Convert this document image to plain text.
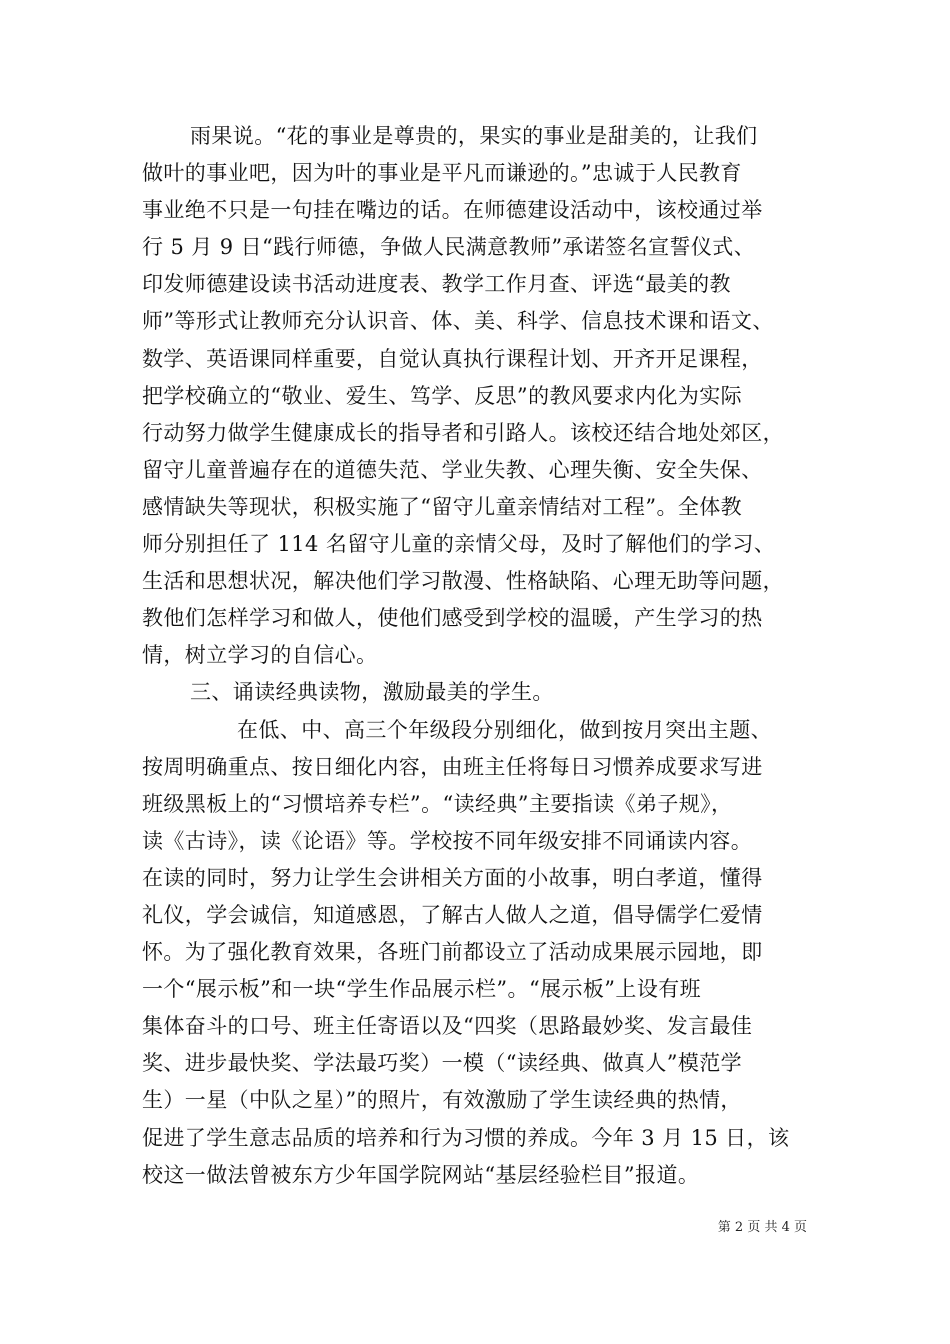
雨果说。“花的事业是尊贵的，果实的事业是甜美的，让我们
做叶的事业吧，因为叶的事业是平凡而谦逊的。”忠诚于人民教育
事业绝不只是一句挂在嘴边的话。在师德建设活动中，该校通过举
行 5 月 9 日“践行师德，争做人民满意教师”承诺签名宣誓仪式、
印发师德建设读书活动进度表、教学工作月查、评选“最美的教
师”等形式让教师充分认识音、体、美、科学、信息技术课和语文、
数学、英语课同样重要，自觉认真执行课程计划、开齐开足课程，
把学校确立的“敬业、爱生、笃学、反思”的教风要求内化为实际
行动努力做学生健康成长的指导者和引路人。该校还结合地处郊区，
留守儿童普遍存在的道德失范、学业失教、心理失衡、安全失保、
感情缺失等现状，积极实施了“留守儿童亲情结对工程”。全体教
师分别担任了 114 名留守儿童的亲情父母，及时了解他们的学习、
生活和思想状况，解决他们学习散漫、性格缺陷、心理无助等问题，
教他们怎样学习和做人，使他们感受到学校的温暖，产生学习的热
情，树立学习的自信心。
三、诵读经典读物，激励最美的学生。
在低、中、高三个年级段分别细化，做到按月突出主题、
按周明确重点、按日细化内容，由班主任将每日习惯养成要求写进
班级黑板上的“习惯培养专栏”。“读经典”主要指读《弟子规》，
读《古诗》，读《论语》等。学校按不同年级安排不同诵读内容。
在读的同时，努力让学生会讲相关方面的小故事，明白孝道，懂得
礼仪，学会诚信，知道感恩，了解古人做人之道，倡导儒学仁爱情
怀。为了强化教育效果，各班门前都设立了活动成果展示园地，即
一个“展示板”和一块“学生作品展示栏”。“展示板”上设有班
集体奋斗的口号、班主任寄语以及“四奖（思路最妙奖、发言最佳
奖、进步最快奖、学法最巧奖）一模（“读经典、做真人”模范学
生）一星（中队之星）”的照片，有效激励了学生读经典的热情，
促进了学生意志品质的培养和行为习惯的养成。今年 3 月 15 日，该
校这一做法曾被东方少年国学院网站“基层经验栏目”报道。
第 2 页 共 4 页
